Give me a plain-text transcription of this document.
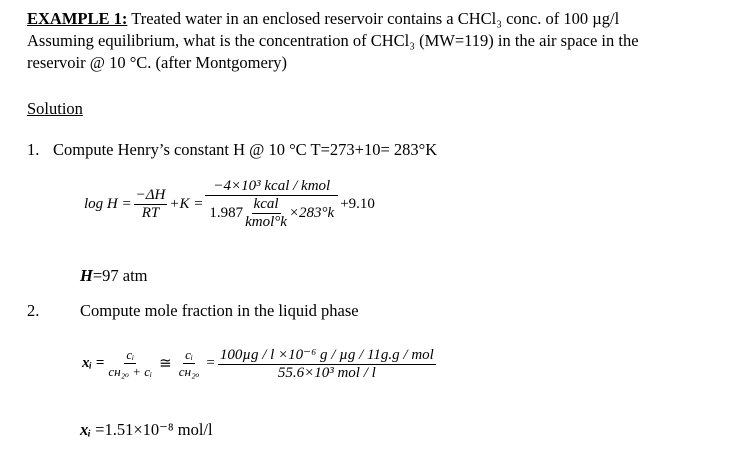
EXAMPLE 1: Treated water in an enclosed reservoir contains a CHCl₃ conc. of 100 µg/l
Assuming equilibrium, what is the concentration of CHCl₃ (MW=119) in the air space in the
reservoir @ 10 °C. (after Montgomery)
Solution
1. Compute Henry’s constant H @ 10 °C T=273+10= 283°K
$\log H = \frac{-\Delta H}{RT} +K = \frac{\text{−4×10³ kcal / kmol}}{1.987 \frac{\text{kcal}}{\text{kmol°k}} \times 283^\circ k} +9.10$
H=97 atm
2. Compute mole fraction in the liquid phase
xᵢ = $\frac{\text{cᵢ}}{\text{cʜ₂ₒ + cᵢ}}$ ≅ $\frac{\text{cᵢ}}{\text{cʜ₂ₒ}} = \frac{\text{100µg / l ×10⁻⁶ g / µg / 11g.g / mol}}{\text{55.6×10³ mol / l}}$
xᵢ =1.51×10⁻⁸ mol/l
